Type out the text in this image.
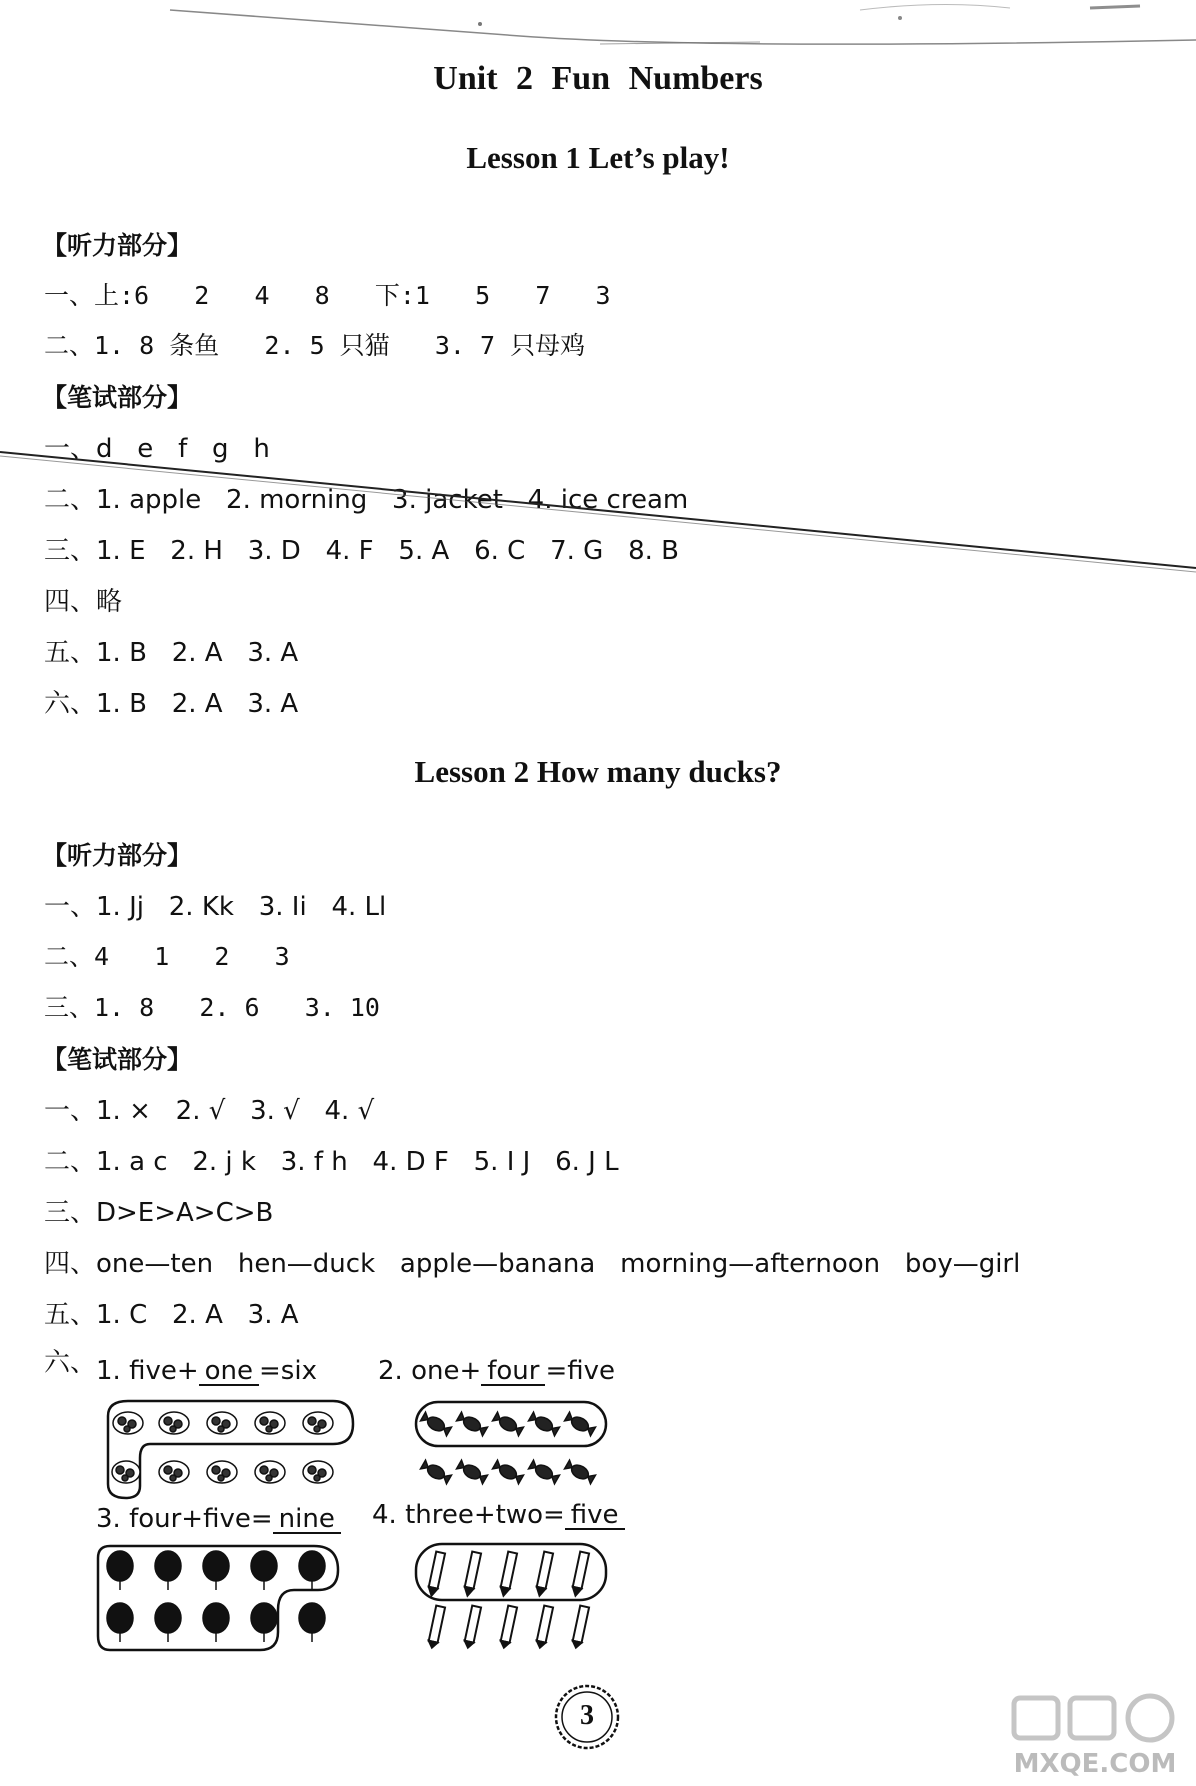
Unit 2 Fun Numbers
Lesson 1 Let’s play!
【听力部分】
一、上:6   2   4   8   下:1   5   7   3
二、1. 8 条鱼   2. 5 只猫   3. 7 只母鸡
【笔试部分】
一、d   e   f   g   h
二、1. apple   2. morning   3. jacket   4. ice cream
三、1. E   2. H   3. D   4. F   5. A   6. C   7. G   8. B
四、略
五、1. B   2. A   3. A
六、1. B   2. A   3. A
Lesson 2 How many ducks?
【听力部分】
一、1. Jj   2. Kk   3. Ii   4. Ll
二、4   1   2   3
三、1. 8   2. 6   3. 10
【笔试部分】
一、1. ×   2. √   3. √   4. √
二、1. a c   2. j k   3. f h   4. D F   5. I J   6. J L
三、D>E>A>C>B
四、one—ten   hen—duck   apple—banana   morning—afternoon   boy—girl
五、1. C   2. A   3. A
六、 1. five+ one =six 2. one+ four =five
3. four+five= nine 4. three+two= five
3
MXQE.COM
